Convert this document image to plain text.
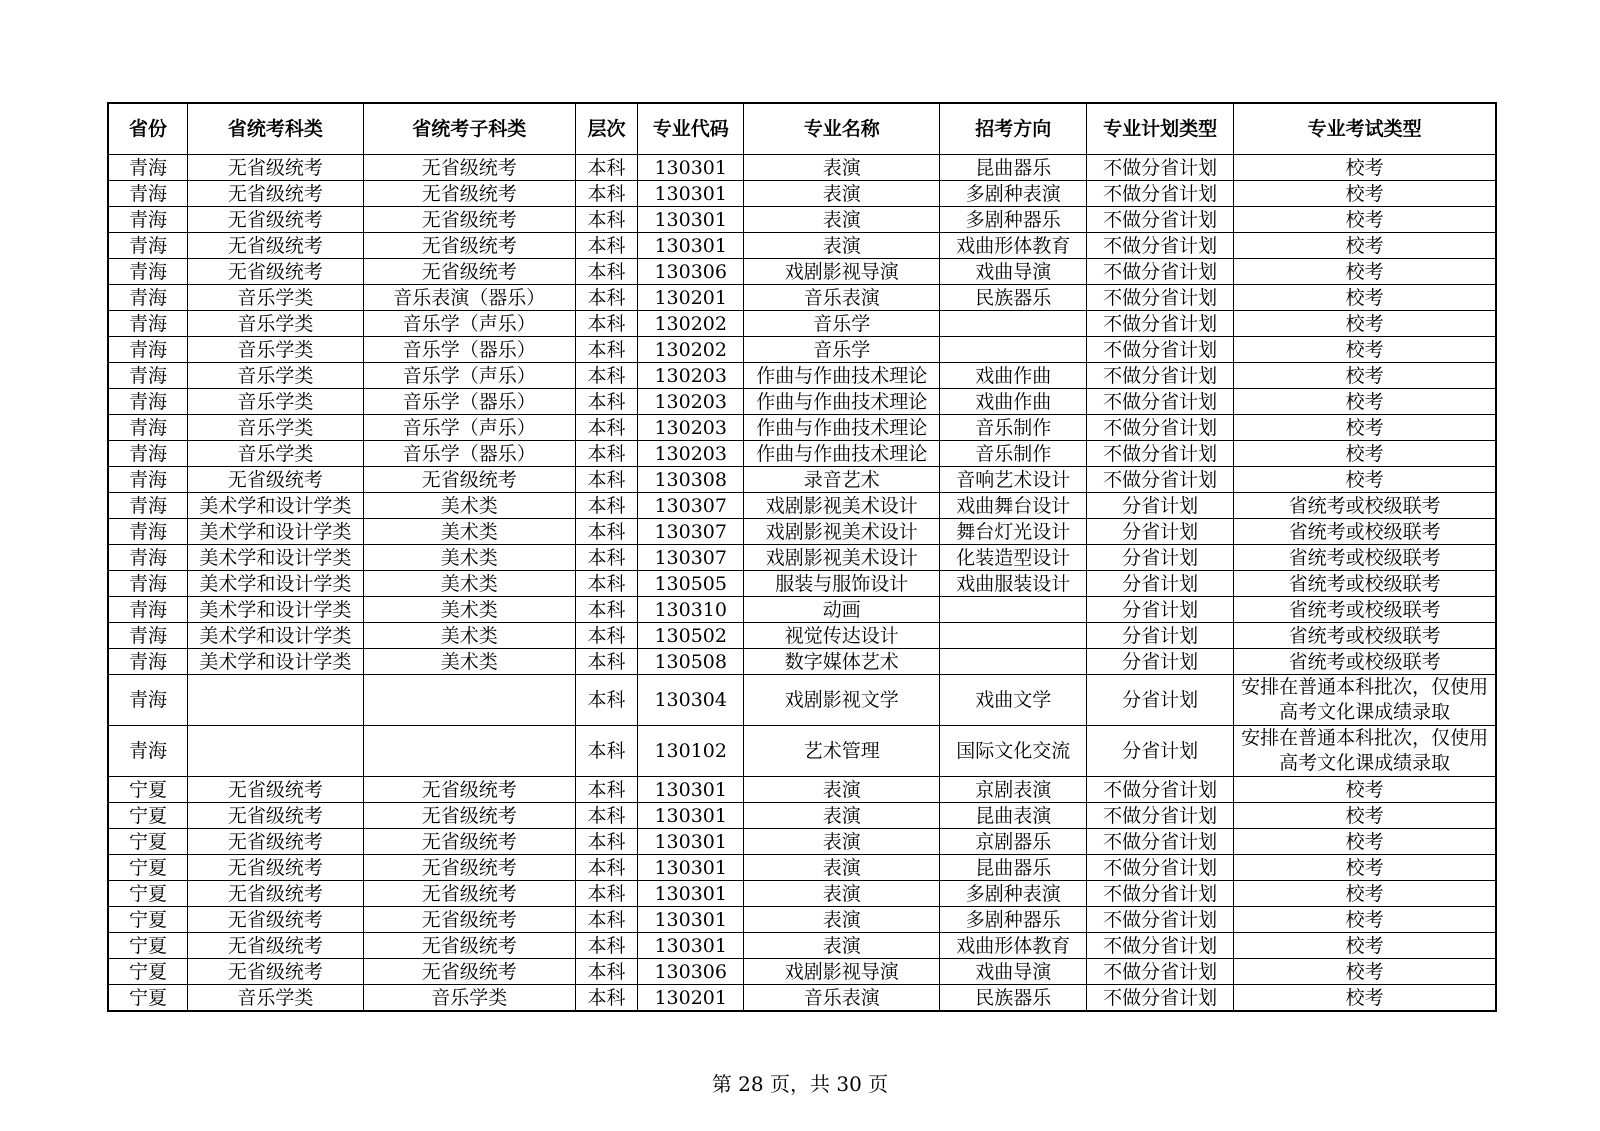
省份	省统考科类	省统考子科类	层次	专业代码	专业名称	招考方向	专业计划类型	专业考试类型
青海	无省级统考	无省级统考	本科	130301	表演	昆曲器乐	不做分省计划	校考
青海	无省级统考	无省级统考	本科	130301	表演	多剧种表演	不做分省计划	校考
青海	无省级统考	无省级统考	本科	130301	表演	多剧种器乐	不做分省计划	校考
青海	无省级统考	无省级统考	本科	130301	表演	戏曲形体教育	不做分省计划	校考
青海	无省级统考	无省级统考	本科	130306	戏剧影视导演	戏曲导演	不做分省计划	校考
青海	音乐学类	音乐表演（器乐）	本科	130201	音乐表演	民族器乐	不做分省计划	校考
青海	音乐学类	音乐学（声乐）	本科	130202	音乐学		不做分省计划	校考
青海	音乐学类	音乐学（器乐）	本科	130202	音乐学		不做分省计划	校考
青海	音乐学类	音乐学（声乐）	本科	130203	作曲与作曲技术理论	戏曲作曲	不做分省计划	校考
青海	音乐学类	音乐学（器乐）	本科	130203	作曲与作曲技术理论	戏曲作曲	不做分省计划	校考
青海	音乐学类	音乐学（声乐）	本科	130203	作曲与作曲技术理论	音乐制作	不做分省计划	校考
青海	音乐学类	音乐学（器乐）	本科	130203	作曲与作曲技术理论	音乐制作	不做分省计划	校考
青海	无省级统考	无省级统考	本科	130308	录音艺术	音响艺术设计	不做分省计划	校考
青海	美术学和设计学类	美术类	本科	130307	戏剧影视美术设计	戏曲舞台设计	分省计划	省统考或校级联考
青海	美术学和设计学类	美术类	本科	130307	戏剧影视美术设计	舞台灯光设计	分省计划	省统考或校级联考
青海	美术学和设计学类	美术类	本科	130307	戏剧影视美术设计	化装造型设计	分省计划	省统考或校级联考
青海	美术学和设计学类	美术类	本科	130505	服装与服饰设计	戏曲服装设计	分省计划	省统考或校级联考
青海	美术学和设计学类	美术类	本科	130310	动画		分省计划	省统考或校级联考
青海	美术学和设计学类	美术类	本科	130502	视觉传达设计		分省计划	省统考或校级联考
青海	美术学和设计学类	美术类	本科	130508	数字媒体艺术		分省计划	省统考或校级联考
青海			本科	130304	戏剧影视文学	戏曲文学	分省计划	安排在普通本科批次，仅使用高考文化课成绩录取
青海			本科	130102	艺术管理	国际文化交流	分省计划	安排在普通本科批次，仅使用高考文化课成绩录取
宁夏	无省级统考	无省级统考	本科	130301	表演	京剧表演	不做分省计划	校考
宁夏	无省级统考	无省级统考	本科	130301	表演	昆曲表演	不做分省计划	校考
宁夏	无省级统考	无省级统考	本科	130301	表演	京剧器乐	不做分省计划	校考
宁夏	无省级统考	无省级统考	本科	130301	表演	昆曲器乐	不做分省计划	校考
宁夏	无省级统考	无省级统考	本科	130301	表演	多剧种表演	不做分省计划	校考
宁夏	无省级统考	无省级统考	本科	130301	表演	多剧种器乐	不做分省计划	校考
宁夏	无省级统考	无省级统考	本科	130301	表演	戏曲形体教育	不做分省计划	校考
宁夏	无省级统考	无省级统考	本科	130306	戏剧影视导演	戏曲导演	不做分省计划	校考
宁夏	音乐学类	音乐学类	本科	130201	音乐表演	民族器乐	不做分省计划	校考
第 28 页，共 30 页
